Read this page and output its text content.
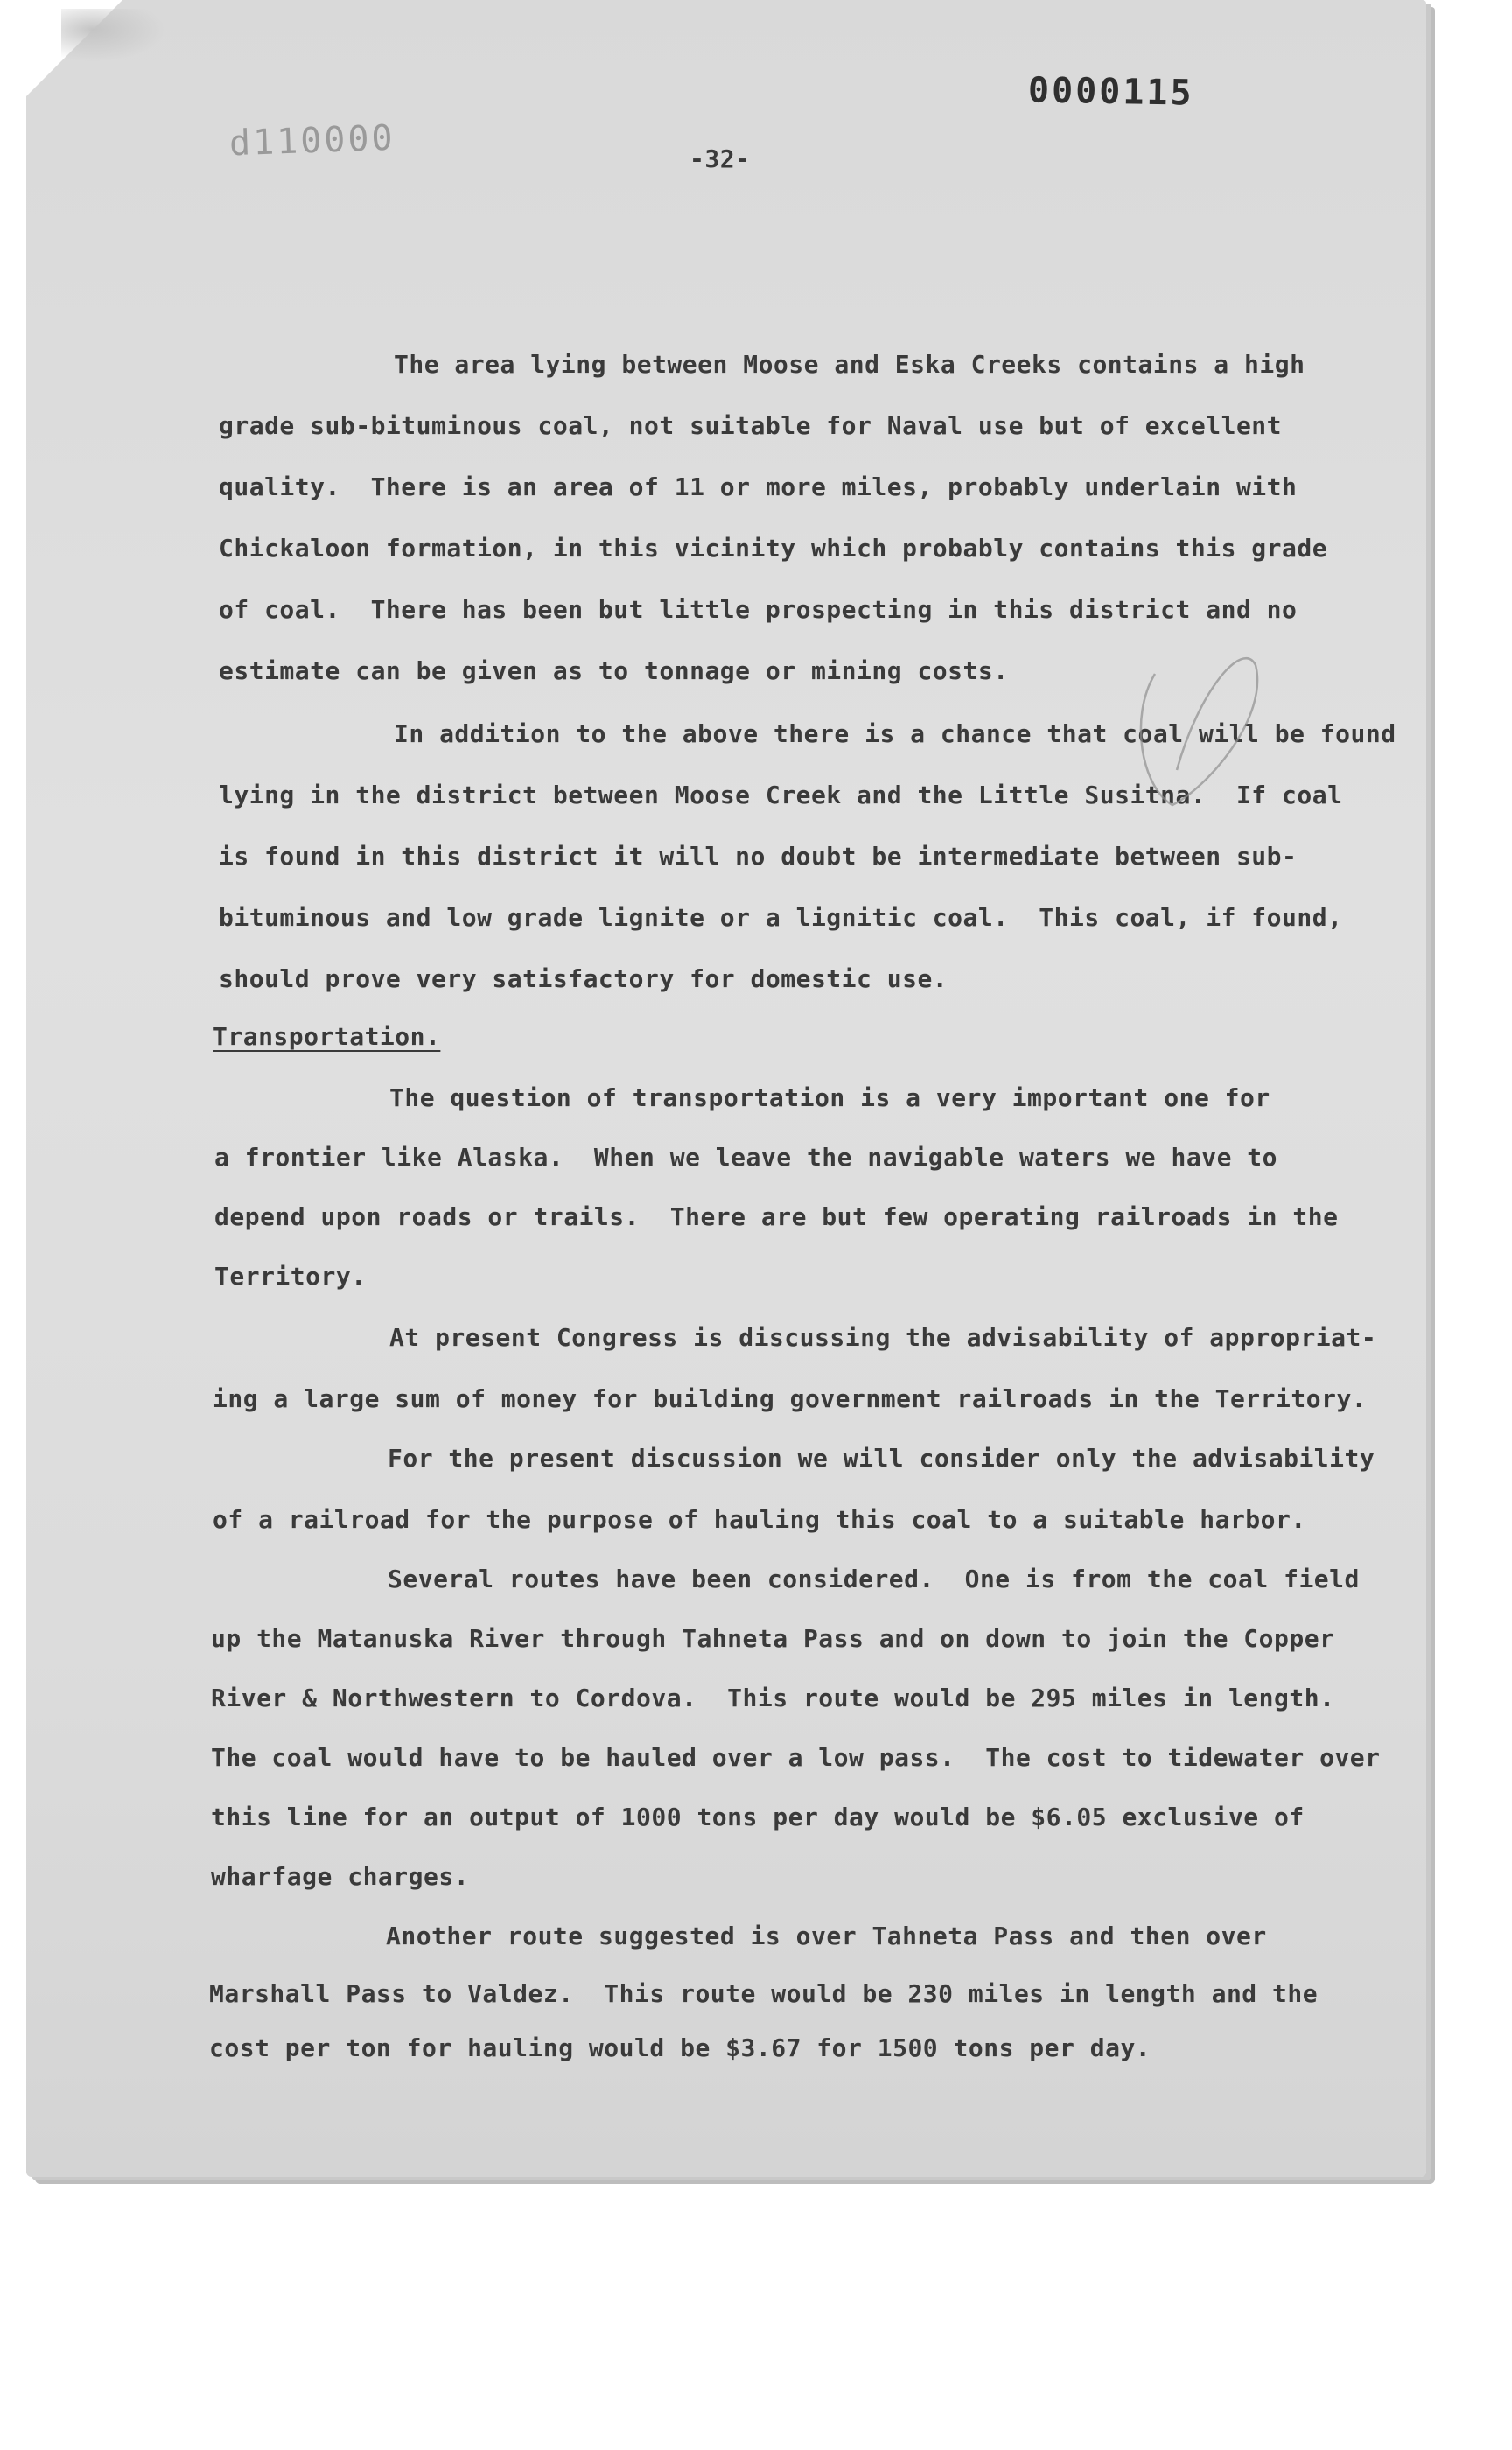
0000115
d110000	-32-
The area lying between Moose and Eska Creeks contains a high
grade sub-bituminous coal, not suitable for Naval use but of excellent
quality.  There is an area of 11 or more miles, probably underlain with
Chickaloon formation, in this vicinity which probably contains this grade
of coal.  There has been but little prospecting in this district and no
estimate can be given as to tonnage or mining costs.
In addition to the above there is a chance that coal will be found
lying in the district between Moose Creek and the Little Susitna.  If coal
is found in this district it will no doubt be intermediate between sub-
bituminous and low grade lignite or a lignitic coal.  This coal, if found,
should prove very satisfactory for domestic use.
Transportation.
The question of transportation is a very important one for
a frontier like Alaska.  When we leave the navigable waters we have to
depend upon roads or trails.  There are but few operating railroads in the
Territory.
At present Congress is discussing the advisability of appropriat-
ing a large sum of money for building government railroads in the Territory.
For the present discussion we will consider only the advisability
of a railroad for the purpose of hauling this coal to a suitable harbor.
Several routes have been considered.  One is from the coal field
up the Matanuska River through Tahneta Pass and on down to join the Copper
River & Northwestern to Cordova.  This route would be 295 miles in length.
The coal would have to be hauled over a low pass.  The cost to tidewater over
this line for an output of 1000 tons per day would be $6.05 exclusive of
wharfage charges.
Another route suggested is over Tahneta Pass and then over
Marshall Pass to Valdez.  This route would be 230 miles in length and the
cost per ton for hauling would be $3.67 for 1500 tons per day.
